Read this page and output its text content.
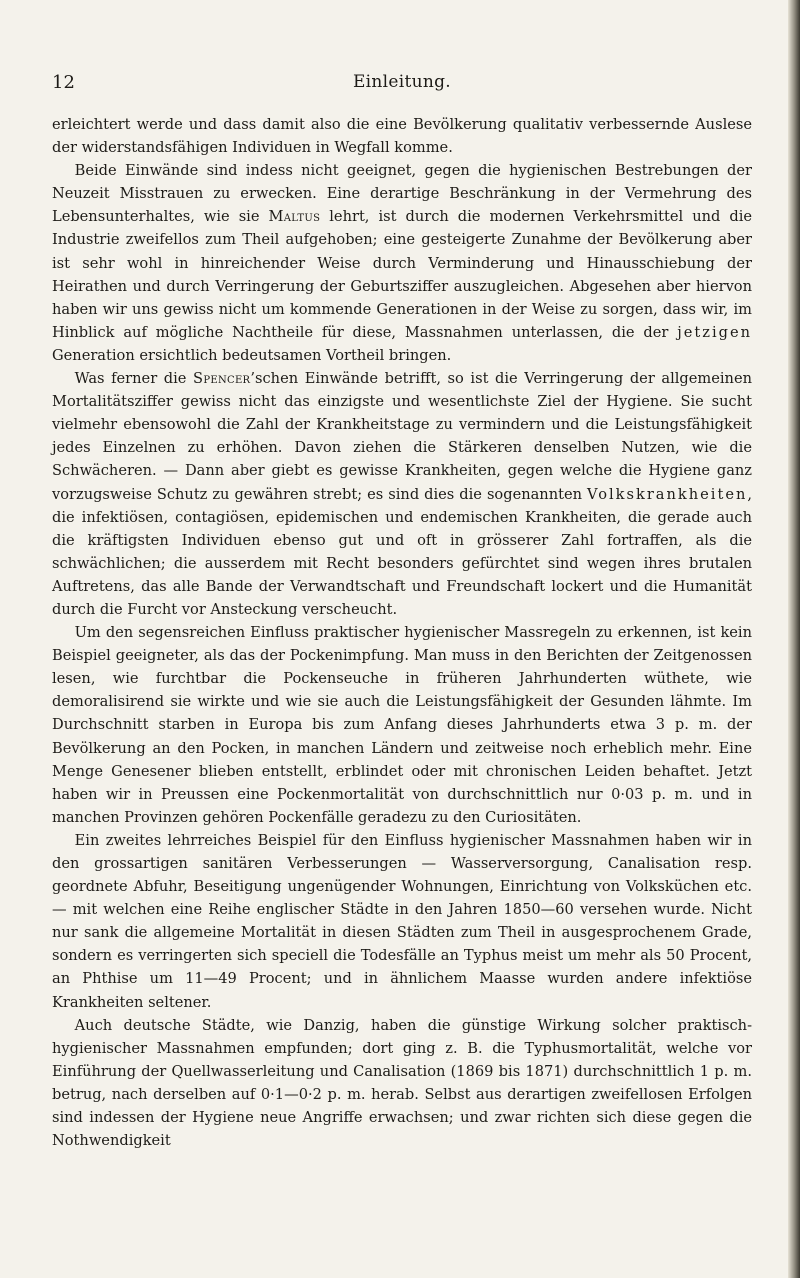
12	Einleitung.

erleichtert werde und dass damit also die eine Bevölkerung qualitativ verbessernde Auslese der widerstandsfähigen Individuen in Wegfall komme.

Beide Einwände sind indess nicht geeignet, gegen die hygienischen Bestrebungen der Neuzeit Misstrauen zu erwecken. Eine derartige Beschränkung in der Vermehrung des Lebensunterhaltes, wie sie Maltus lehrt, ist durch die modernen Verkehrsmittel und die Industrie zweifellos zum Theil aufgehoben; eine gesteigerte Zunahme der Bevölkerung aber ist sehr wohl in hinreichender Weise durch Verminderung und Hinausschiebung der Heirathen und durch Verringerung der Geburtsziffer auszugleichen. Abgesehen aber hiervon haben wir uns gewiss nicht um kommende Generationen in der Weise zu sorgen, dass wir, im Hinblick auf mögliche Nachtheile für diese, Massnahmen unterlassen, die der jetzigen Generation ersichtlich bedeutsamen Vortheil bringen.

Was ferner die Spencer’schen Einwände betrifft, so ist die Verringerung der allgemeinen Mortalitätsziffer gewiss nicht das einzigste und wesentlichste Ziel der Hygiene. Sie sucht vielmehr ebensowohl die Zahl der Krankheitstage zu vermindern und die Leistungsfähigkeit jedes Einzelnen zu erhöhen. Davon ziehen die Stärkeren denselben Nutzen, wie die Schwächeren. — Dann aber giebt es gewisse Krankheiten, gegen welche die Hygiene ganz vorzugsweise Schutz zu gewähren strebt; es sind dies die sogenannten Volkskrankheiten, die infektiösen, contagiösen, epidemischen und endemischen Krankheiten, die gerade auch die kräftigsten Individuen ebenso gut und oft in grösserer Zahl fortraffen, als die schwächlichen; die ausserdem mit Recht besonders gefürchtet sind wegen ihres brutalen Auftretens, das alle Bande der Verwandtschaft und Freundschaft lockert und die Humanität durch die Furcht vor Ansteckung verscheucht.

Um den segensreichen Einfluss praktischer hygienischer Massregeln zu erkennen, ist kein Beispiel geeigneter, als das der Pockenimpfung. Man muss in den Berichten der Zeitgenossen lesen, wie furchtbar die Pockenseuche in früheren Jahrhunderten wüthete, wie demoralisirend sie wirkte und wie sie auch die Leistungsfähigkeit der Gesunden lähmte. Im Durchschnitt starben in Europa bis zum Anfang dieses Jahrhunderts etwa 3 p. m. der Bevölkerung an den Pocken, in manchen Ländern und zeitweise noch erheblich mehr. Eine Menge Genesener blieben entstellt, erblindet oder mit chronischen Leiden behaftet. Jetzt haben wir in Preussen eine Pockenmortalität von durchschnittlich nur 0·03 p. m. und in manchen Provinzen gehören Pockenfälle geradezu zu den Curiositäten.

Ein zweites lehrreiches Beispiel für den Einfluss hygienischer Massnahmen haben wir in den grossartigen sanitären Verbesserungen — Wasserversorgung, Canalisation resp. geordnete Abfuhr, Beseitigung ungenügender Wohnungen, Einrichtung von Volksküchen etc. — mit welchen eine Reihe englischer Städte in den Jahren 1850—60 versehen wurde. Nicht nur sank die allgemeine Mortalität in diesen Städten zum Theil in ausgesprochenem Grade, sondern es verringerten sich speciell die Todesfälle an Typhus meist um mehr als 50 Procent, an Phthise um 11—49 Procent; und in ähnlichem Maasse wurden andere infektiöse Krankheiten seltener.

Auch deutsche Städte, wie Danzig, haben die günstige Wirkung solcher praktisch-hygienischer Massnahmen empfunden; dort ging z. B. die Typhusmortalität, welche vor Einführung der Quellwasserleitung und Canalisation (1869 bis 1871) durchschnittlich 1 p. m. betrug, nach derselben auf 0·1—0·2 p. m. herab. Selbst aus derartigen zweifellosen Erfolgen sind indessen der Hygiene neue Angriffe erwachsen; und zwar richten sich diese gegen die Nothwendigkeit
